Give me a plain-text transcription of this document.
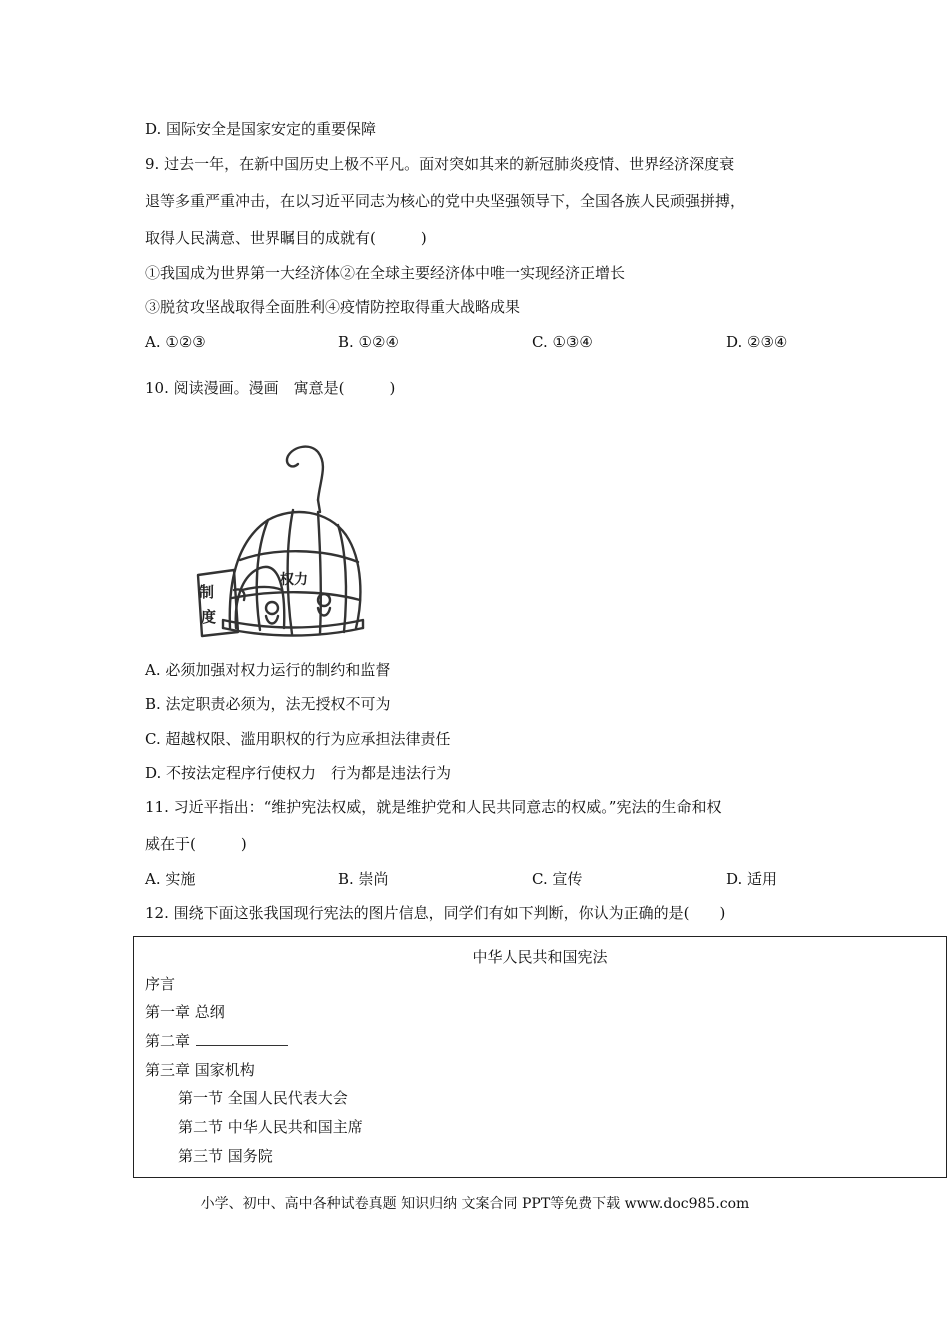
D. 国际安全是国家安定的重要保障
9. 过去一年，在新中国历史上极不平凡。面对突如其来的新冠肺炎疫情、世界经济深度衰
退等多重严重冲击，在以习近平同志为核心的党中央坚强领导下，全国各族人民顽强拼搏，
取得人民满意、世界瞩目的成就有(　　　)
①我国成为世界第一大经济体②在全球主要经济体中唯一实现经济正增长
③脱贫攻坚战取得全面胜利④疫情防控取得重大战略成果
A. ①②③	B. ①②④	C. ①③④	D. ②③④
10. 阅读漫画。漫画　寓意是(　　　)
制
度
权力
A. 必须加强对权力运行的制约和监督
B. 法定职责必须为，法无授权不可为
C. 超越权限、滥用职权的行为应承担法律责任
D. 不按法定程序行使权力　行为都是违法行为
11. 习近平指出：“维护宪法权威，就是维护党和人民共同意志的权威。”宪法的生命和权
威在于(　　　)
A. 实施	B. 崇尚	C. 宣传	D. 适用
12. 围绕下面这张我国现行宪法的图片信息，同学们有如下判断，你认为正确的是(　　)
中华人民共和国宪法
序言
第一章 总纲
第二章
第三章 国家机构
第一节 全国人民代表大会
第二节 中华人民共和国主席
第三节 国务院
小学、初中、高中各种试卷真题 知识归纳 文案合同 PPT等免费下载 www.doc985.com
